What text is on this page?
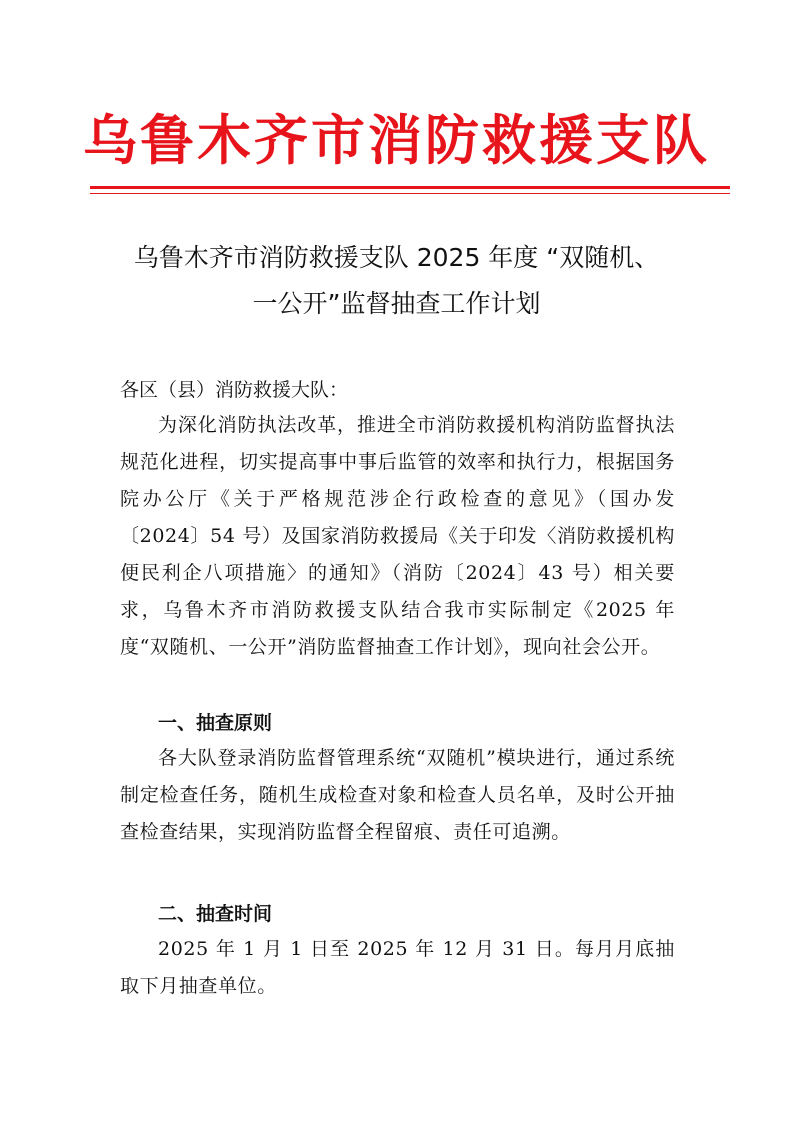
乌鲁木齐市消防救援支队
乌鲁木齐市消防救援支队 2025 年度 “双随机、
一公开”监督抽查工作计划
各区（县）消防救援大队：
为深化消防执法改革，推进全市消防救援机构消防监督执法规范化进程，切实提高事中事后监管的效率和执行力，根据国务院办公厅《关于严格规范涉企行政检查的意见》（国办发〔2024〕54 号）及国家消防救援局《关于印发〈消防救援机构便民利企八项措施〉的通知》（消防〔2024〕43 号）相关要求，乌鲁木齐市消防救援支队结合我市实际制定《2025 年度“双随机、一公开”消防监督抽查工作计划》，现向社会公开。
一、抽查原则
各大队登录消防监督管理系统“双随机”模块进行，通过系统制定检查任务，随机生成检查对象和检查人员名单，及时公开抽查检查结果，实现消防监督全程留痕、责任可追溯。
二、抽查时间
2025 年 1 月 1 日至 2025 年 12 月 31 日。每月月底抽取下月抽查单位。
